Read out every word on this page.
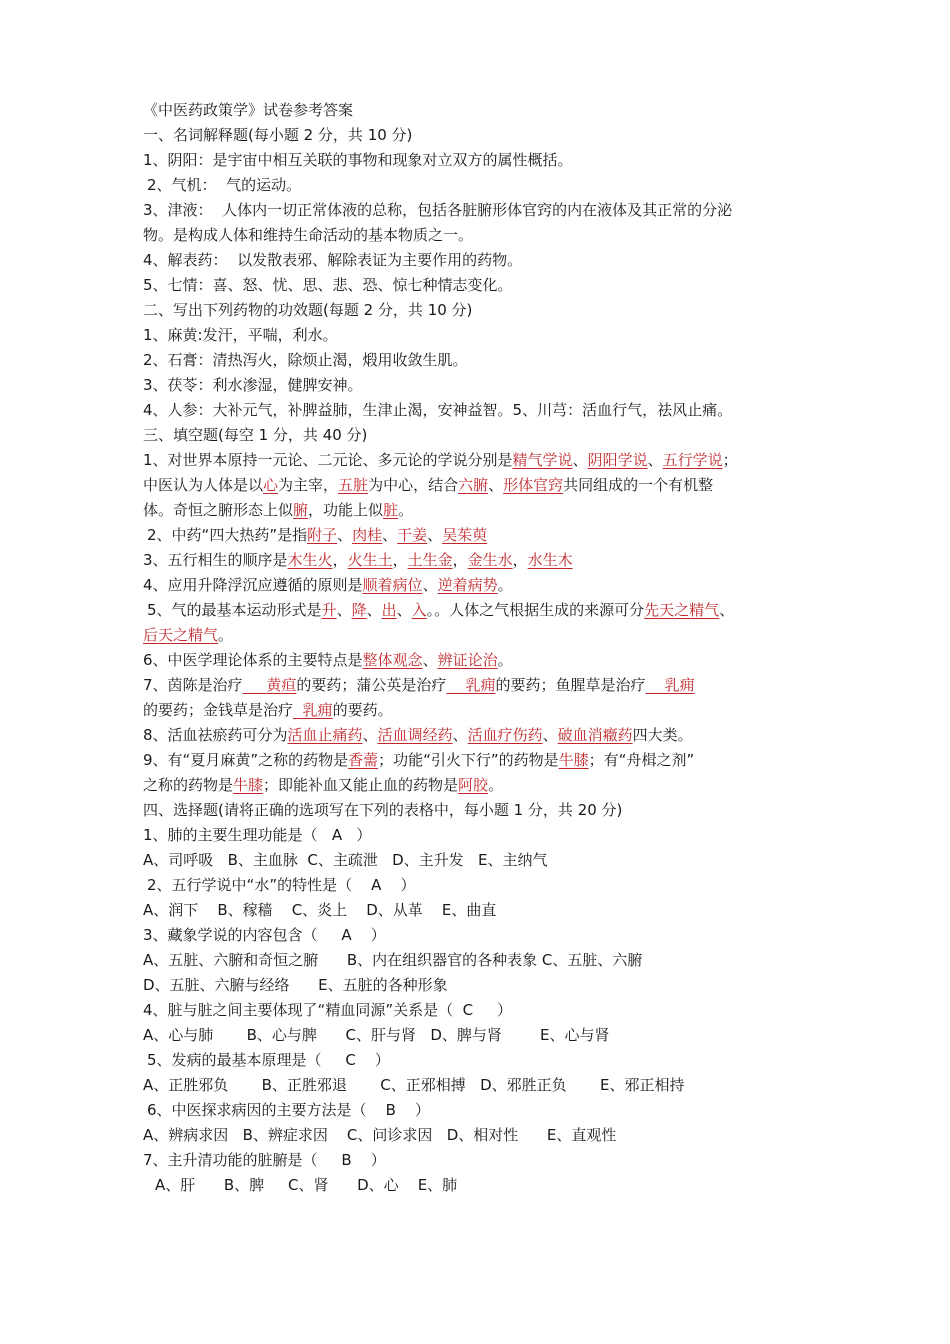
《中医药政策学》试卷参考答案
一、名词解释题(每小题 2 分，共 10 分)
1、阴阳：是宇宙中相互关联的事物和现象对立双方的属性概括。
2、气机：  气的运动。
3、津液：  人体内一切正常体液的总称，包括各脏腑形体官窍的内在液体及其正常的分泌
物。是构成人体和维持生命活动的基本物质之一。
4、解表药：  以发散表邪、解除表证为主要作用的药物。
5、七情：喜、怒、忧、思、悲、恐、惊七种情志变化。
二、写出下列药物的功效题(每题 2 分，共 10 分)
1、麻黄:发汗，平喘，利水。
2、石膏：清热泻火，除烦止渴，煅用收敛生肌。
3、茯苓：利水渗湿，健脾安神。
4、人参：大补元气，补脾益肺，生津止渴，安神益智。5、川芎：活血行气，祛风止痛。
三、填空题(每空 1 分，共 40 分)
1、对世界本原持一元论、二元论、多元论的学说分别是精气学说、阴阳学说、五行学说；
中医认为人体是以心为主宰，五脏为中心，结合六腑、形体官窍共同组成的一个有机整
体。奇恒之腑形态上似腑，功能上似脏。
2、中药“四大热药”是指附子、肉桂、干姜、吴茱萸
3、五行相生的顺序是木生火，火生土，土生金，金生水，水生木
4、应用升降浮沉应遵循的原则是顺着病位、逆着病势。
5、气的最基本运动形式是升、降、出、入。。人体之气根据生成的来源可分先天之精气、
后天之精气。
6、中医学理论体系的主要特点是整体观念、辨证论治。
7、茵陈是治疗     黄疸的要药；蒲公英是治疗    乳痈的要药；鱼腥草是治疗    乳痈
的要药；金钱草是治疗  乳痈的要药。
8、活血祛瘀药可分为活血止痛药、活血调经药、活血疗伤药、破血消癥药四大类。
9、有“夏月麻黄”之称的药物是香薷；功能“引火下行”的药物是牛膝；有“舟楫之剂”
之称的药物是牛膝；即能补血又能止血的药物是阿胶。
四、选择题(请将正确的选项写在下列的表格中，每小题 1 分，共 20 分)
1、肺的主要生理功能是（   A   ）
A、司呼吸   B、主血脉  C、主疏泄   D、主升发   E、主纳气
2、五行学说中“水”的特性是（    A    ）
A、润下    B、稼穑    C、炎上    D、从革    E、曲直
3、藏象学说的内容包含（     A    ）
A、五脏、六腑和奇恒之腑      B、内在组织器官的各种表象 C、五脏、六腑
D、五脏、六腑与经络      E、五脏的各种形象
4、脏与脏之间主要体现了“精血同源”关系是（  C     ）
A、心与肺       B、心与脾      C、肝与肾   D、脾与肾        E、心与肾
5、发病的最基本原理是（     C    ）
A、正胜邪负       B、正胜邪退       C、正邪相搏   D、邪胜正负       E、邪正相持
6、中医探求病因的主要方法是（    B    ）
A、辨病求因   B、辨症求因    C、问诊求因   D、相对性      E、直观性
7、主升清功能的脏腑是（     B    ）
A、肝      B、脾     C、肾      D、心    E、肺
